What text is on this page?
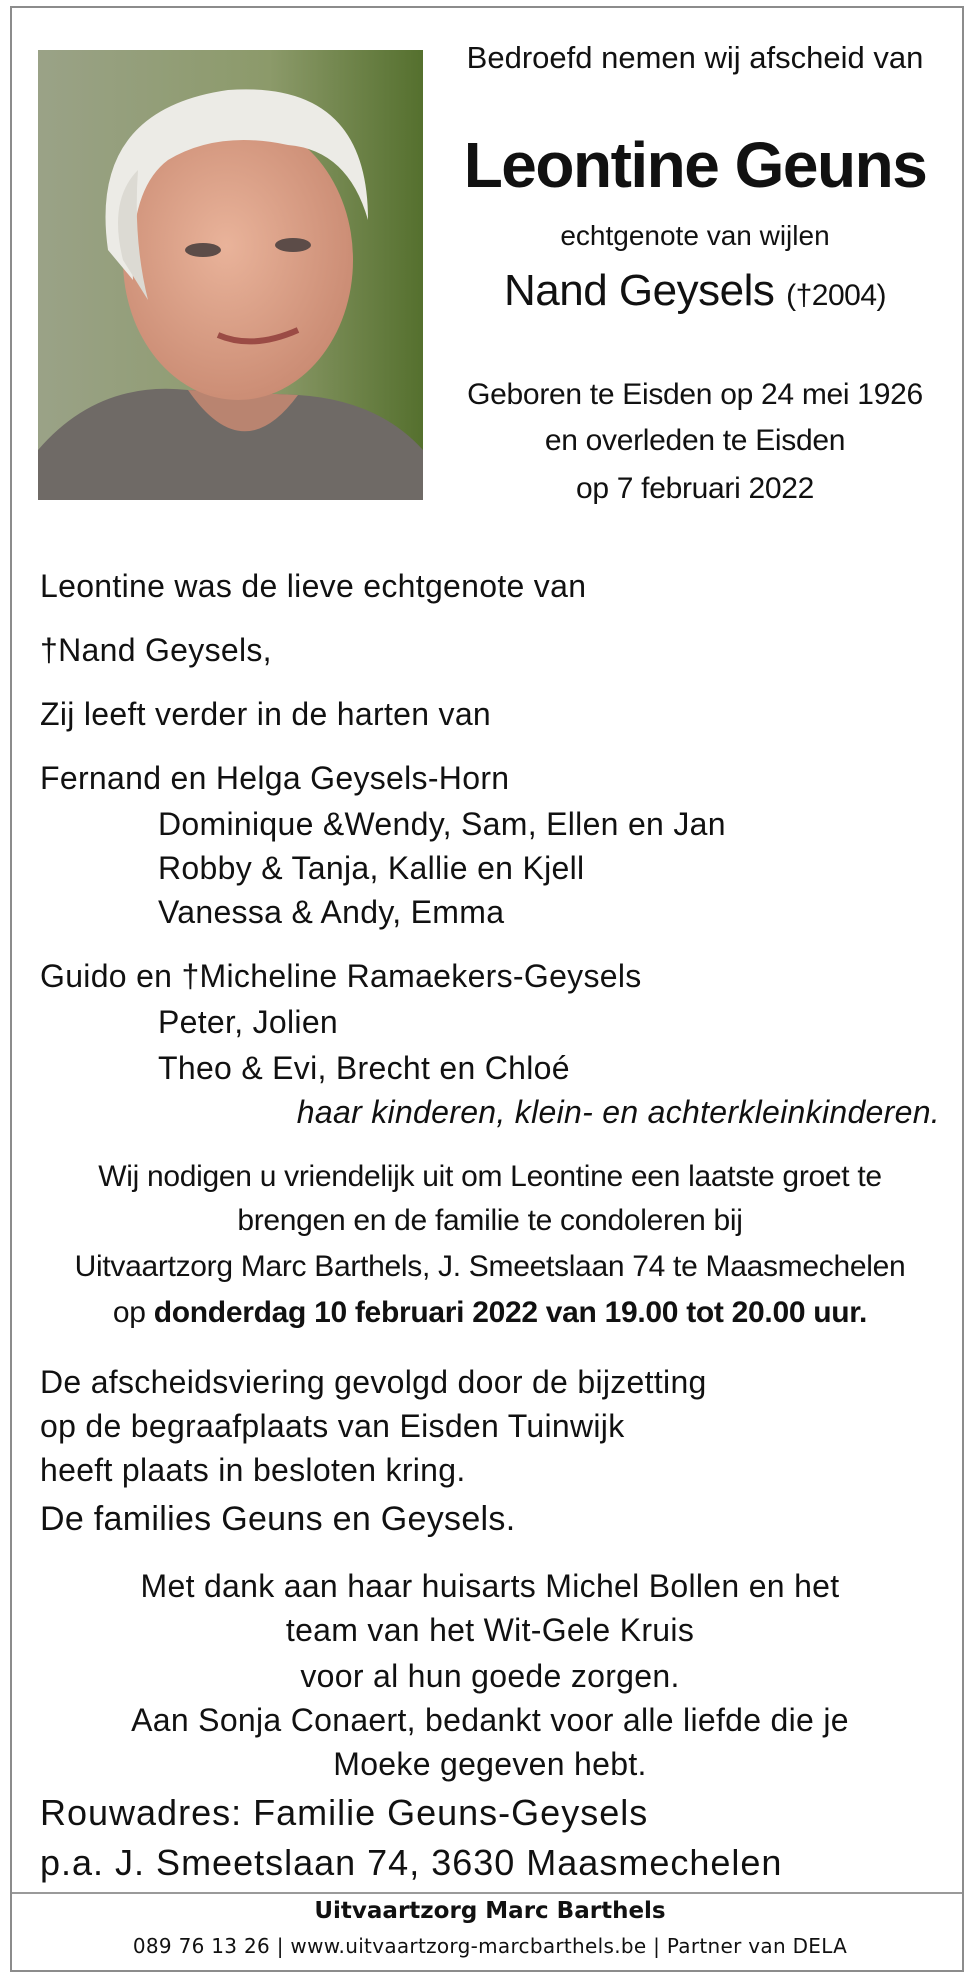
Bedroefd nemen wij afscheid van
Leontine Geuns
echtgenote van wijlen
Nand Geysels (†2004)
Geboren te Eisden op 24 mei 1926
en overleden te Eisden
op 7 februari 2022
Leontine was de lieve echtgenote van
†Nand Geysels,
Zij leeft verder in de harten van
Fernand en Helga Geysels-Horn
Dominique &Wendy, Sam, Ellen en Jan
Robby & Tanja, Kallie en Kjell
Vanessa & Andy, Emma
Guido en †Micheline Ramaekers-Geysels
Peter, Jolien
Theo & Evi, Brecht en Chloé
haar kinderen, klein- en achterkleinkinderen.
Wij nodigen u vriendelijk uit om Leontine een laatste groet te
brengen en de familie te condoleren bij
Uitvaartzorg Marc Barthels, J. Smeetslaan 74 te Maasmechelen
op donderdag 10 februari 2022 van 19.00 tot 20.00 uur.
De afscheidsviering gevolgd door de bijzetting
op de begraafplaats van Eisden Tuinwijk
heeft plaats in besloten kring.
De families Geuns en Geysels.
Met dank aan haar huisarts Michel Bollen en het
team van het Wit-Gele Kruis
voor al hun goede zorgen.
Aan Sonja Conaert, bedankt voor alle liefde die je
Moeke gegeven hebt.
Rouwadres: Familie Geuns-Geysels
p.a. J. Smeetslaan 74, 3630 Maasmechelen
Uitvaartzorg Marc Barthels
089 76 13 26 | www.uitvaartzorg-marcbarthels.be | Partner van DELA
